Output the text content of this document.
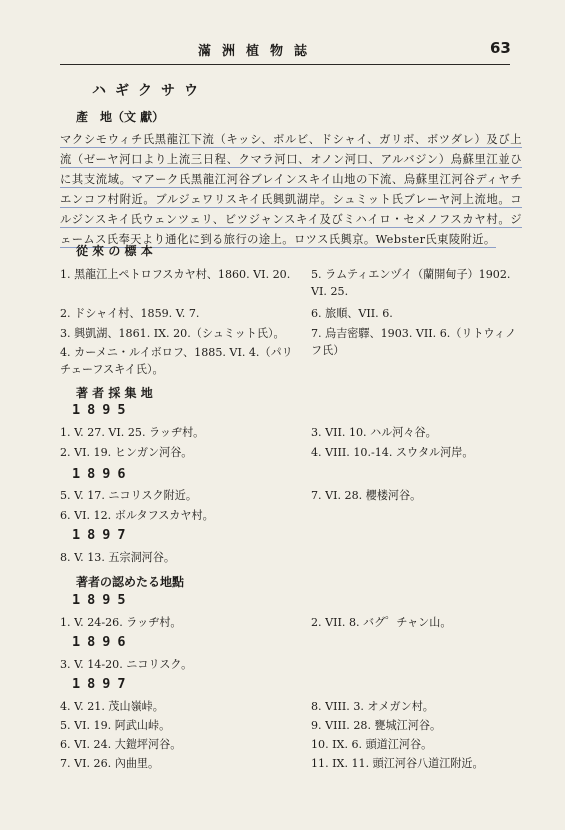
滿洲植物誌	63
ハギクサウ
產　地（文 獻）
マクシモウィチ氏黑龍江下流（キッシ、ボルビ、ドシャイ、ガリボ、ボツダレ）及び上流（ゼーヤ河口より上流三日程、クマラ河口、オノン河口、アルバジン）烏蘇里江並ひに其支流域。マアーク氏黑龍江河谷ブレインスキイ山地の下流、烏蘇里江河谷ディヤチエンコフ村附近。ブルジェワリスキイ氏興凱湖岸。シュミット氏ブレーヤ河上流地。コルジンスキイ氏ウェンツェリ、ビツジャンスキイ及びミハイロ・セメノフスカヤ村。ジェームス氏奉天より通化に到る旅行の途上。ロツス氏興京。Webster氏東陵附近。
從 來 の 標 本
1. 黑龍江上ペトロフスカヤ村、1860. VI. 20.
2. ドシャイ村、1859. V. 7.
3. 興凱湖、1861. IX. 20.（シュミット氏）。
4. カーメニ・ルイボロフ、1885. VI. 4.（パリチェーフスキイ氏）。
5. ラムティエンヅイ（蘭開甸子）1902. VI. 25.
6. 旅順、VII. 6.
7. 烏吉密驛、1903. VII. 6.（リトウィノフ氏）
著 者 採 集 地
1895
1. V. 27. VI. 25. ラッヂ村。
2. VI. 19. ヒンガン河谷。
3. VII. 10. ハル河々谷。
4. VIII. 10.-14. スウタル河岸。
1896
5. V. 17. ニコリスク附近。
6. VI. 12. ボルタフスカヤ村。
7. VI. 28. 櫻楼河谷。
1897
8. V. 13. 五宗洞河谷。
著者の認めたる地點
1895
1. V. 24-26. ラッヂ村。	2. VII. 8. バグ゜チャン山。
1896
3. V. 14-20. ニコリスク。
1897
4. V. 21. 茂山嶺峠。
5. VI. 19. 阿武山峠。
6. VI. 24. 大鎧坪河谷。
7. VI. 26. 內曲里。
8. VIII. 3. オメガン村。
9. VIII. 28. 甕城江河谷。
10. IX. 6. 頭道江河谷。
11. IX. 11. 頭江河谷八道江附近。
